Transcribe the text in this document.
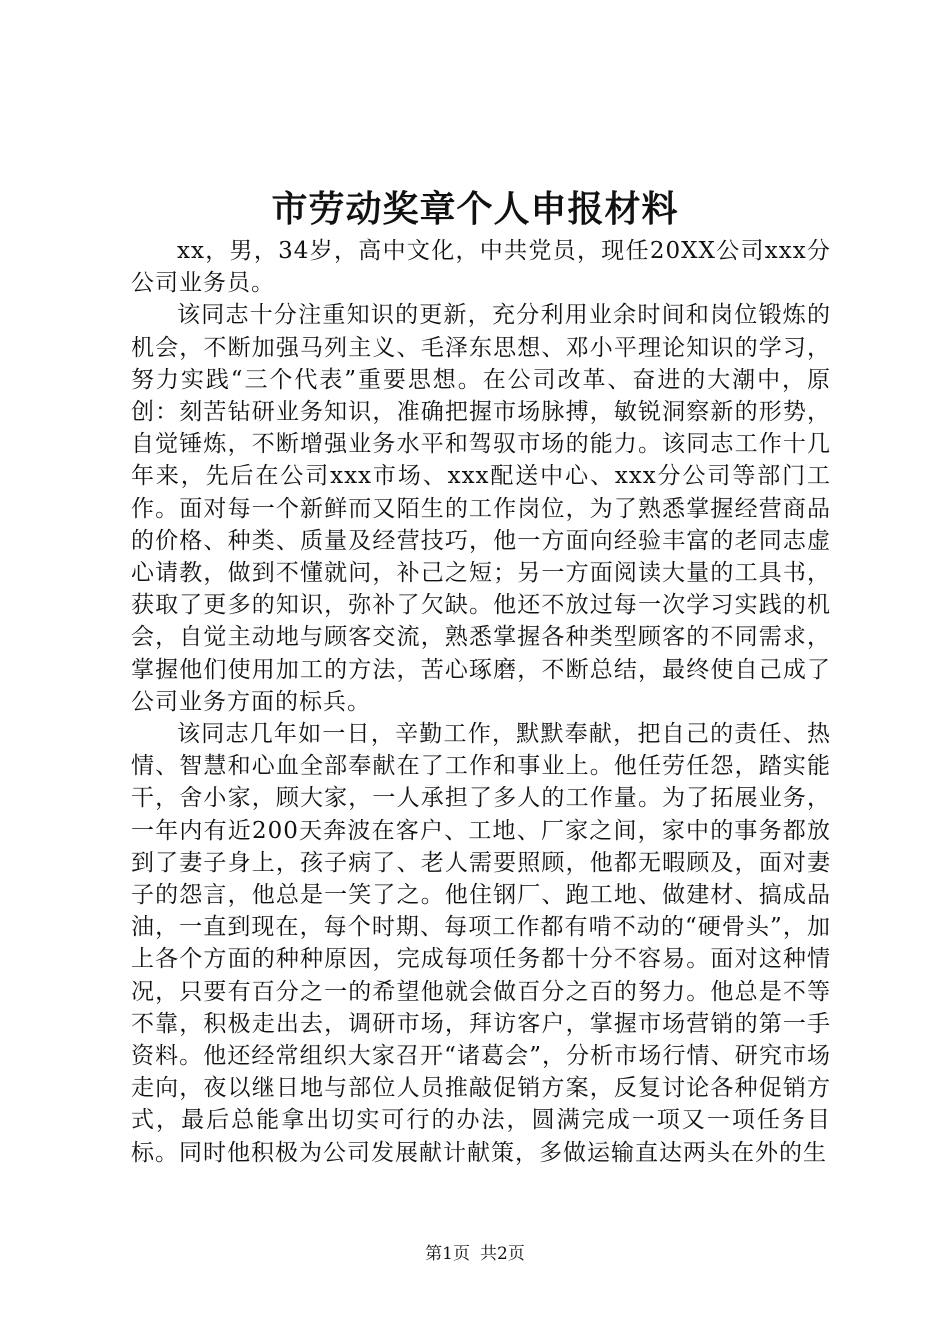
市劳动奖章个人申报材料

xx，男，34岁，高中文化，中共党员，现任20XX公司xxx分公司业务员。

该同志十分注重知识的更新，充分利用业余时间和岗位锻炼的机会，不断加强马列主义、毛泽东思想、邓小平理论知识的学习，努力实践“三个代表”重要思想。在公司改革、奋进的大潮中，原创：刻苦钻研业务知识，准确把握市场脉搏，敏锐洞察新的形势，自觉锤炼，不断增强业务水平和驾驭市场的能力。该同志工作十几年来，先后在公司xxx市场、xxx配送中心、xxx分公司等部门工作。面对每一个新鲜而又陌生的工作岗位，为了熟悉掌握经营商品的价格、种类、质量及经营技巧，他一方面向经验丰富的老同志虚心请教，做到不懂就问，补己之短；另一方面阅读大量的工具书，获取了更多的知识，弥补了欠缺。他还不放过每一次学习实践的机会，自觉主动地与顾客交流，熟悉掌握各种类型顾客的不同需求，掌握他们使用加工的方法，苦心琢磨，不断总结，最终使自己成了公司业务方面的标兵。

该同志几年如一日，辛勤工作，默默奉献，把自己的责任、热情、智慧和心血全部奉献在了工作和事业上。他任劳任怨，踏实能干，舍小家，顾大家，一人承担了多人的工作量。为了拓展业务，一年内有近200天奔波在客户、工地、厂家之间，家中的事务都放到了妻子身上，孩子病了、老人需要照顾，他都无暇顾及，面对妻子的怨言，他总是一笑了之。他住钢厂、跑工地、做建材、搞成品油，一直到现在，每个时期、每项工作都有啃不动的“硬骨头”，加上各个方面的种种原因，完成每项任务都十分不容易。面对这种情况，只要有百分之一的希望他就会做百分之百的努力。他总是不等不靠，积极走出去，调研市场，拜访客户，掌握市场营销的第一手资料。他还经常组织大家召开“诸葛会”，分析市场行情、研究市场走向，夜以继日地与部位人员推敲促销方案，反复讨论各种促销方式，最后总能拿出切实可行的办法，圆满完成一项又一项任务目标。同时他积极为公司发展献计献策，多做运输直达两头在外的生

第1页 共2页
